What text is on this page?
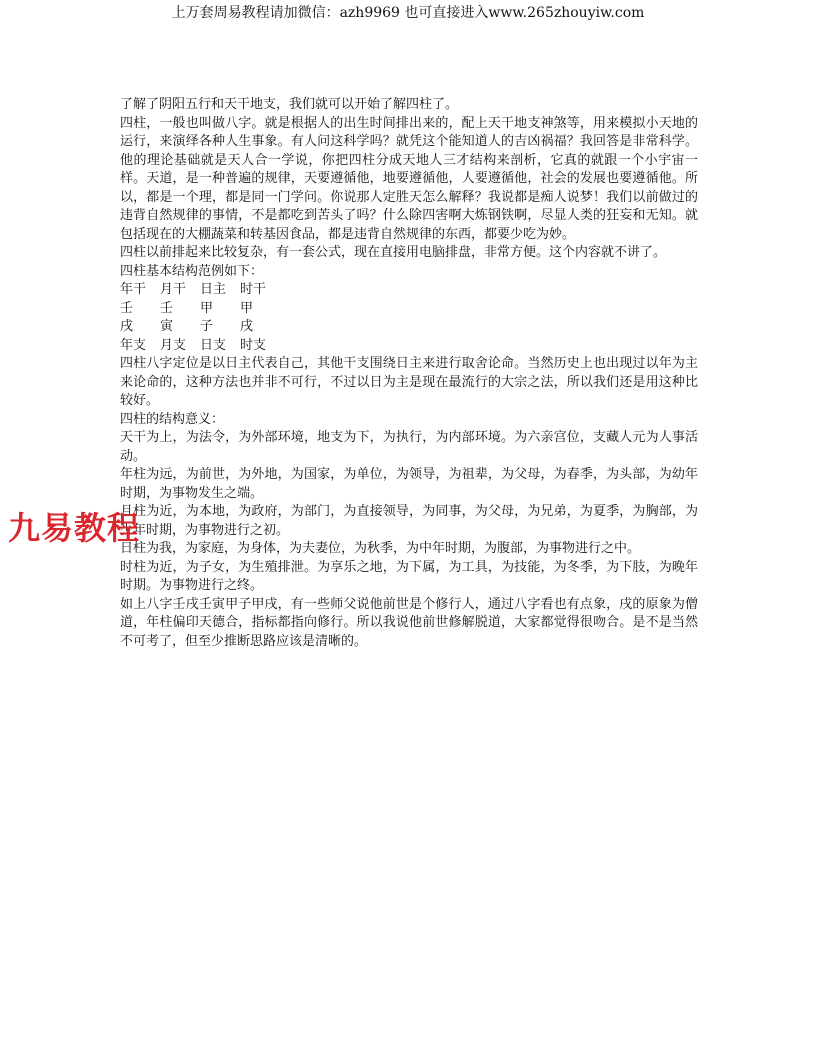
上万套周易教程请加微信：azh9969 也可直接进入www.265zhouyiw.com

了解了阴阳五行和天干地支，我们就可以开始了解四柱了。

四柱，一般也叫做八字。就是根据人的出生时间排出来的，配上天干地支神煞等，用来模拟小天地的运行，来演绎各种人生事象。有人问这科学吗？就凭这个能知道人的吉凶祸福？我回答是非常科学。他的理论基础就是天人合一学说，你把四柱分成天地人三才结构来剖析，它真的就跟一个小宇宙一样。天道，是一种普遍的规律，天要遵循他，地要遵循他，人要遵循他，社会的发展也要遵循他。所以，都是一个理，都是同一门学问。你说那人定胜天怎么解释？我说都是痴人说梦！我们以前做过的违背自然规律的事情，不是都吃到苦头了吗？什么除四害啊大炼钢铁啊，尽显人类的狂妄和无知。就包括现在的大棚蔬菜和转基因食品，都是违背自然规律的东西，都要少吃为妙。

四柱以前排起来比较复杂，有一套公式，现在直接用电脑排盘，非常方便。这个内容就不讲了。

四柱基本结构范例如下：

年干	月干	日主	时干
壬	壬	甲	甲
戌	寅	子	戌
年支	月支	日支	时支

四柱八字定位是以日主代表自己，其他干支围绕日主来进行取舍论命。当然历史上也出现过以年为主来论命的，这种方法也并非不可行，不过以日为主是现在最流行的大宗之法，所以我们还是用这种比较好。

四柱的结构意义：

天干为上，为法令，为外部环境，地支为下，为执行，为内部环境。为六亲宫位，支藏人元为人事活动。

年柱为远，为前世，为外地，为国家，为单位，为领导，为祖辈，为父母，为春季，为头部，为幼年时期，为事物发生之端。

月柱为近，为本地，为政府，为部门，为直接领导，为同事，为父母，为兄弟，为夏季，为胸部，为少年时期，为事物进行之初。

日柱为我，为家庭，为身体，为夫妻位，为秋季，为中年时期，为腹部，为事物进行之中。

时柱为近，为子女，为生殖排泄。为享乐之地，为下属，为工具，为技能，为冬季，为下肢，为晚年时期。为事物进行之终。

如上八字壬戌壬寅甲子甲戌，有一些师父说他前世是个修行人，通过八字看也有点象，戌的原象为僧道，年柱偏印天德合，指标都指向修行。所以我说他前世修解脱道，大家都觉得很吻合。是不是当然不可考了，但至少推断思路应该是清晰的。

九易教程
